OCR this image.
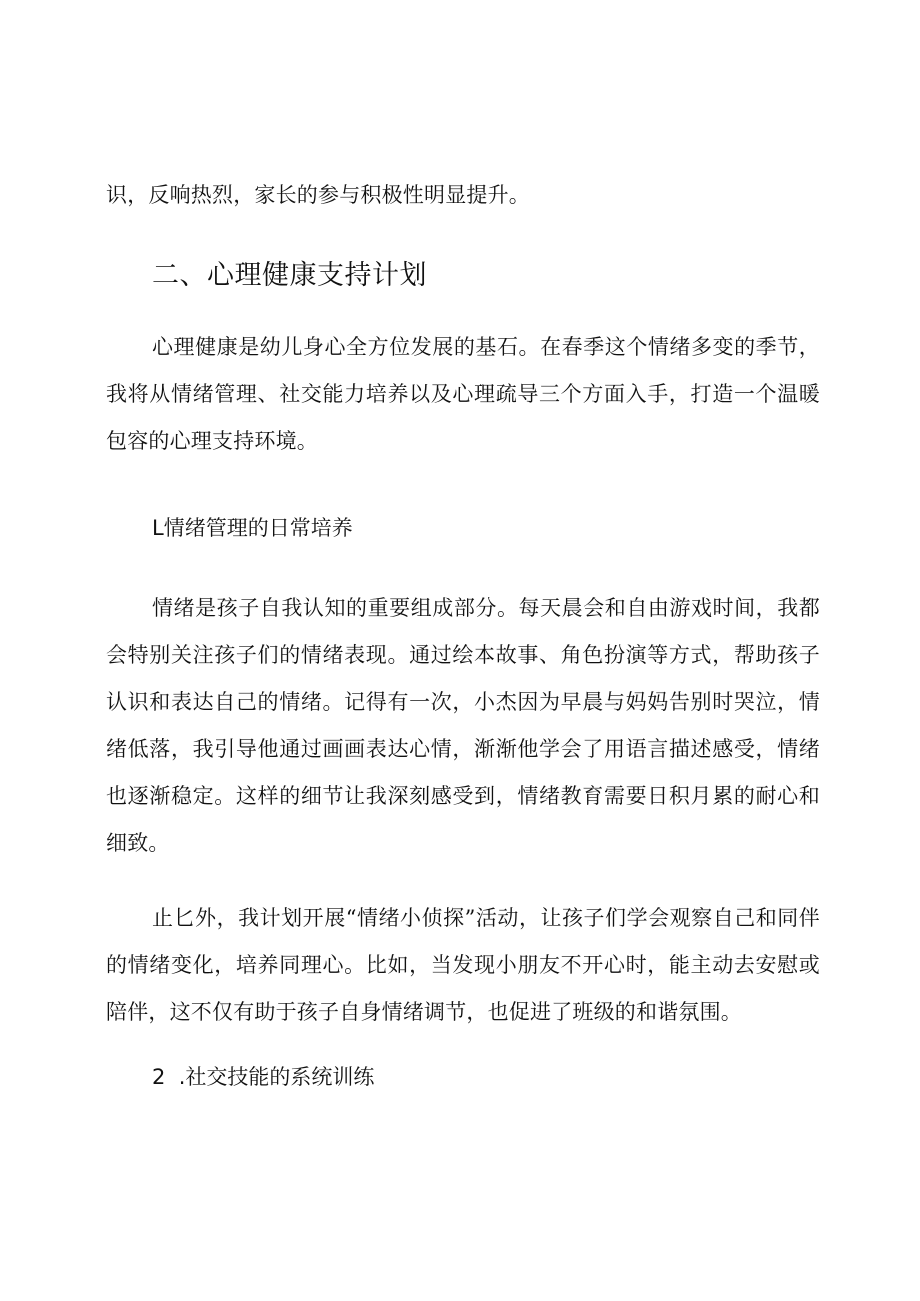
识，反响热烈，家长的参与积极性明显提升。

二、心理健康支持计划

心理健康是幼儿身心全方位发展的基石。在春季这个情绪多变的季节，我将从情绪管理、社交能力培养以及心理疏导三个方面入手，打造一个温暖包容的心理支持环境。

L情绪管理的日常培养

情绪是孩子自我认知的重要组成部分。每天晨会和自由游戏时间，我都会特别关注孩子们的情绪表现。通过绘本故事、角色扮演等方式，帮助孩子认识和表达自己的情绪。记得有一次，小杰因为早晨与妈妈告别时哭泣，情绪低落，我引导他通过画画表达心情，渐渐他学会了用语言描述感受，情绪也逐渐稳定。这样的细节让我深刻感受到，情绪教育需要日积月累的耐心和细致。

止匕外，我计划开展“情绪小侦探”活动，让孩子们学会观察自己和同伴的情绪变化，培养同理心。比如，当发现小朋友不开心时，能主动去安慰或陪伴，这不仅有助于孩子自身情绪调节，也促进了班级的和谐氛围。

2  .社交技能的系统训练
